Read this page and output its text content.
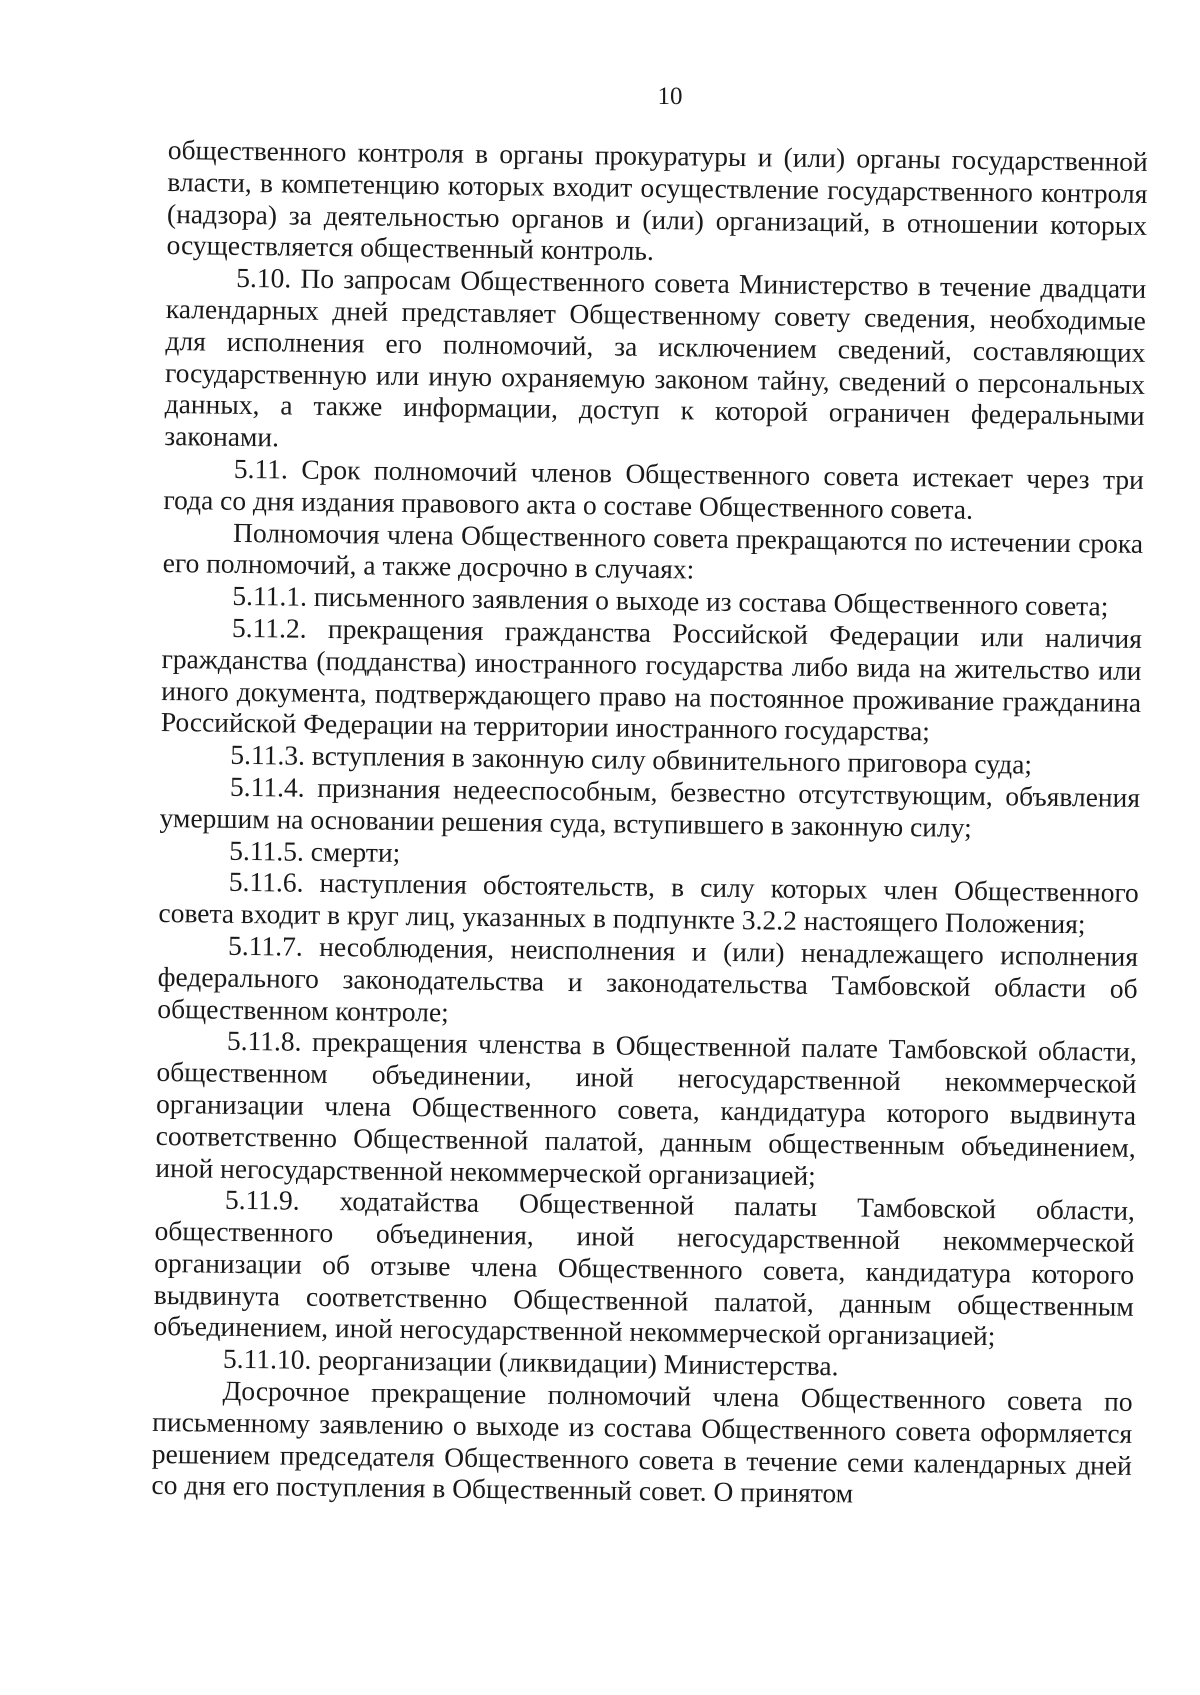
10

общественного контроля в органы прокуратуры и (или) органы государственной власти, в компетенцию которых входит осуществление государственного контроля (надзора) за деятельностью органов и (или) организаций, в отношении которых осуществляется общественный контроль.

5.10. По запросам Общественного совета Министерство в течение двадцати календарных дней представляет Общественному совету сведения, необходимые для исполнения его полномочий, за исключением сведений, составляющих государственную или иную охраняемую законом тайну, сведений о персональных данных, а также информации, доступ к которой ограничен федеральными законами.

5.11. Срок полномочий членов Общественного совета истекает через три года со дня издания правового акта о составе Общественного совета.

Полномочия члена Общественного совета прекращаются по истечении срока его полномочий, а также досрочно в случаях:

5.11.1. письменного заявления о выходе из состава Общественного совета;

5.11.2. прекращения гражданства Российской Федерации или наличия гражданства (подданства) иностранного государства либо вида на жительство или иного документа, подтверждающего право на постоянное проживание гражданина Российской Федерации на территории иностранного государства;

5.11.3. вступления в законную силу обвинительного приговора суда;

5.11.4. признания недееспособным, безвестно отсутствующим, объявления умершим на основании решения суда, вступившего в законную силу;

5.11.5. смерти;

5.11.6. наступления обстоятельств, в силу которых член Общественного совета входит в круг лиц, указанных в подпункте 3.2.2 настоящего Положения;

5.11.7. несоблюдения, неисполнения и (или) ненадлежащего исполнения федерального законодательства и законодательства Тамбовской области об общественном контроле;

5.11.8. прекращения членства в Общественной палате Тамбовской области, общественном объединении, иной негосударственной некоммерческой организации члена Общественного совета, кандидатура которого выдвинута соответственно Общественной палатой, данным общественным объединением, иной негосударственной некоммерческой организацией;

5.11.9. ходатайства Общественной палаты Тамбовской области, общественного объединения, иной негосударственной некоммерческой организации об отзыве члена Общественного совета, кандидатура которого выдвинута соответственно Общественной палатой, данным общественным объединением, иной негосударственной некоммерческой организацией;

5.11.10. реорганизации (ликвидации) Министерства.

Досрочное прекращение полномочий члена Общественного совета по письменному заявлению о выходе из состава Общественного совета оформляется решением председателя Общественного совета в течение семи календарных дней со дня его поступления в Общественный совет. О принятом
